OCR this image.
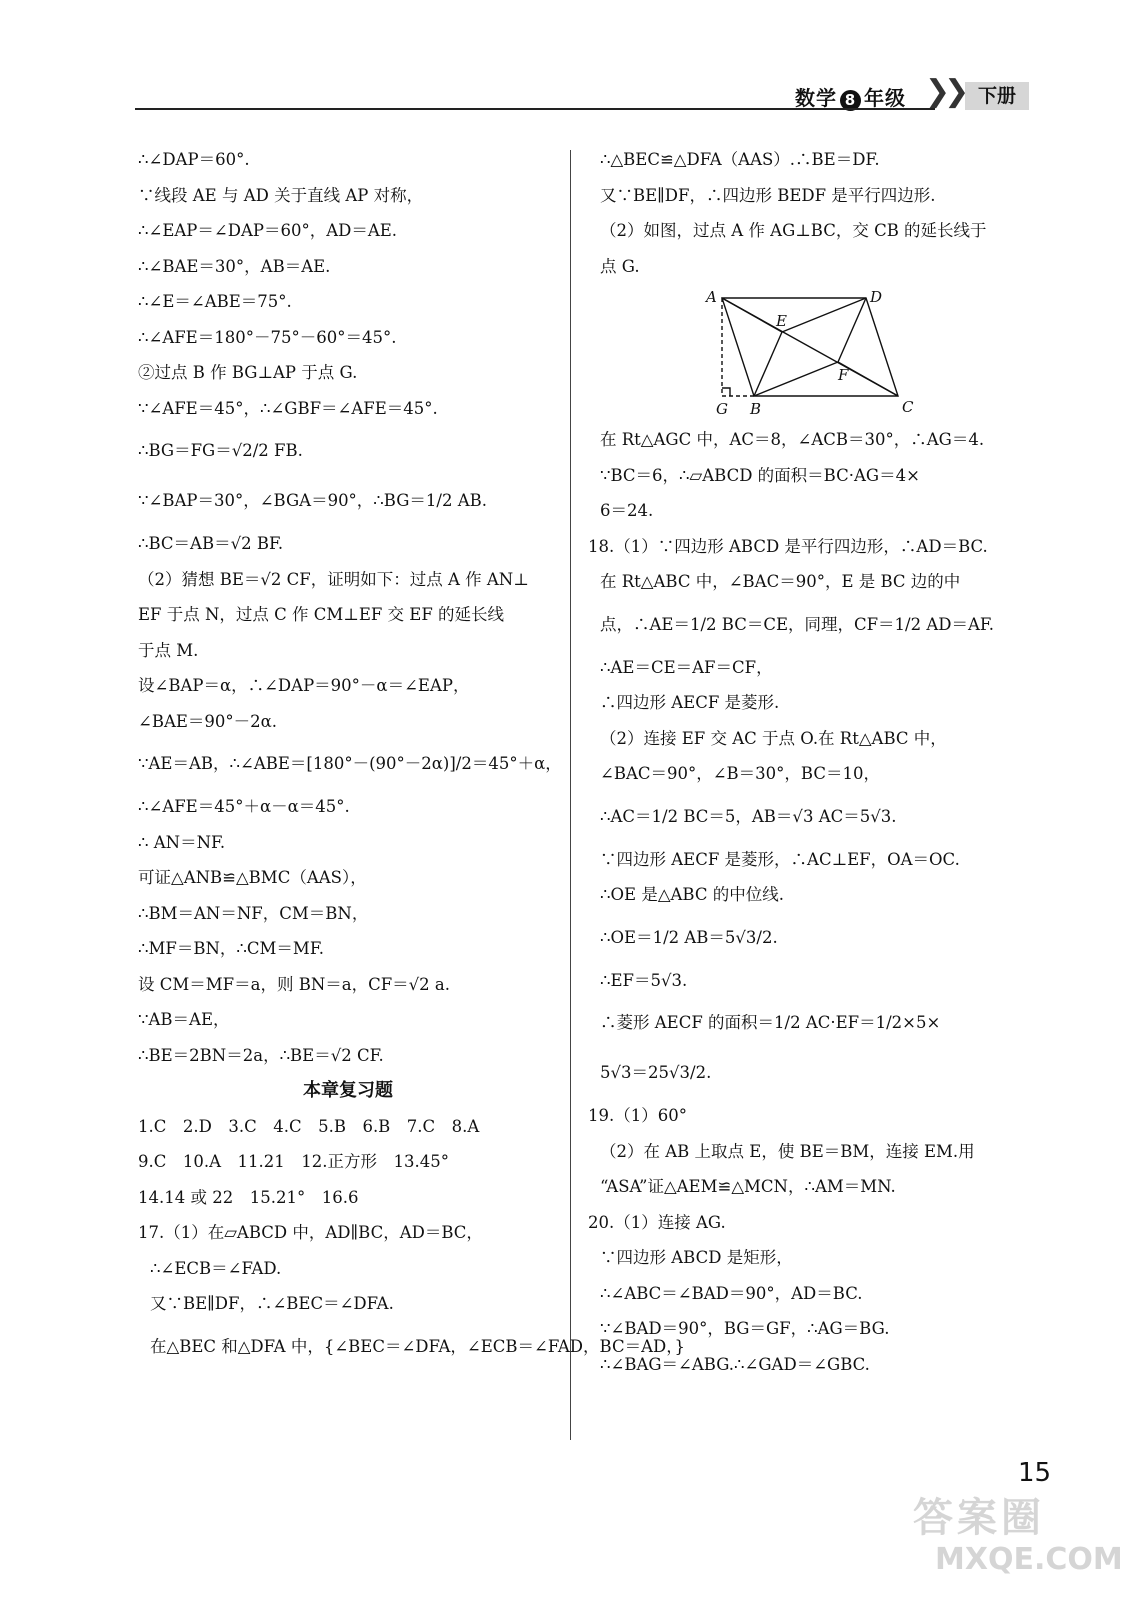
数学 8 年级 ❯❯ 下册
∴∠DAP＝60°.
∵线段 AE 与 AD 关于直线 AP 对称，
∴∠EAP＝∠DAP＝60°，AD＝AE.
∴∠BAE＝30°，AB＝AE.
∴∠E＝∠ABE＝75°.
∴∠AFE＝180°－75°－60°＝45°.
②过点 B 作 BG⊥AP 于点 G.
∵∠AFE＝45°，∴∠GBF＝∠AFE＝45°.
∴BG＝FG＝√2/2 FB.
∵∠BAP＝30°，∠BGA＝90°，∴BG＝1/2 AB.
∴BC＝AB＝√2 BF.
（2）猜想 BE＝√2 CF，证明如下：过点 A 作 AN⊥
EF 于点 N，过点 C 作 CM⊥EF 交 EF 的延长线
于点 M.
设∠BAP＝α，∴∠DAP＝90°－α＝∠EAP，
∠BAE＝90°－2α.
∵AE＝AB，∴∠ABE＝[180°－(90°－2α)]/2＝45°＋α，
∴∠AFE＝45°＋α－α＝45°.
∴ AN＝NF.
可证△ANB≌△BMC（AAS），
∴BM＝AN＝NF，CM＝BN，
∴MF＝BN，∴CM＝MF.
设 CM＝MF＝a，则 BN＝a，CF＝√2 a.
∵AB＝AE，
∴BE＝2BN＝2a，∴BE＝√2 CF.
本章复习题
1.C　2.D　3.C　4.C　5.B　6.B　7.C　8.A
9.C　10.A　11.21　12.正方形　13.45°
14.14 或 22　15.21°　16.6
17.（1）在▱ABCD 中，AD∥BC，AD＝BC，
∴∠ECB＝∠FAD.
又∵BE∥DF，∴∠BEC＝∠DFA.
在△BEC 和△DFA 中，{∠BEC＝∠DFA，∠ECB＝∠FAD，BC＝AD，}
∴△BEC≌△DFA（AAS）.∴BE＝DF.
又∵BE∥DF，∴四边形 BEDF 是平行四边形.
（2）如图，过点 A 作 AG⊥BC，交 CB 的延长线于
点 G.
A	D
E
F
G B	C
在 Rt△AGC 中，AC＝8，∠ACB＝30°，∴AG＝4.
∵BC＝6，∴▱ABCD 的面积＝BC·AG＝4×
6＝24.
18.（1）∵四边形 ABCD 是平行四边形，∴AD＝BC.
在 Rt△ABC 中，∠BAC＝90°，E 是 BC 边的中
点，∴AE＝1/2 BC＝CE，同理，CF＝1/2 AD＝AF.
∴AE＝CE＝AF＝CF，
∴四边形 AECF 是菱形.
（2）连接 EF 交 AC 于点 O.在 Rt△ABC 中，
∠BAC＝90°，∠B＝30°，BC＝10，
∴AC＝1/2 BC＝5，AB＝√3 AC＝5√3.
∵四边形 AECF 是菱形，∴AC⊥EF，OA＝OC.
∴OE 是△ABC 的中位线.
∴OE＝1/2 AB＝5√3/2.
∴EF＝5√3.
∴菱形 AECF 的面积＝1/2 AC·EF＝1/2×5×
5√3＝25√3/2.
19.（1）60°
（2）在 AB 上取点 E，使 BE＝BM，连接 EM.用
“ASA”证△AEM≌△MCN，∴AM＝MN.
20.（1）连接 AG.
∵四边形 ABCD 是矩形，
∴∠ABC＝∠BAD＝90°，AD＝BC.
∵∠BAD＝90°，BG＝GF，∴AG＝BG.
∴∠BAG＝∠ABG.∴∠GAD＝∠GBC.
15
答案圈
MXQE.COM
